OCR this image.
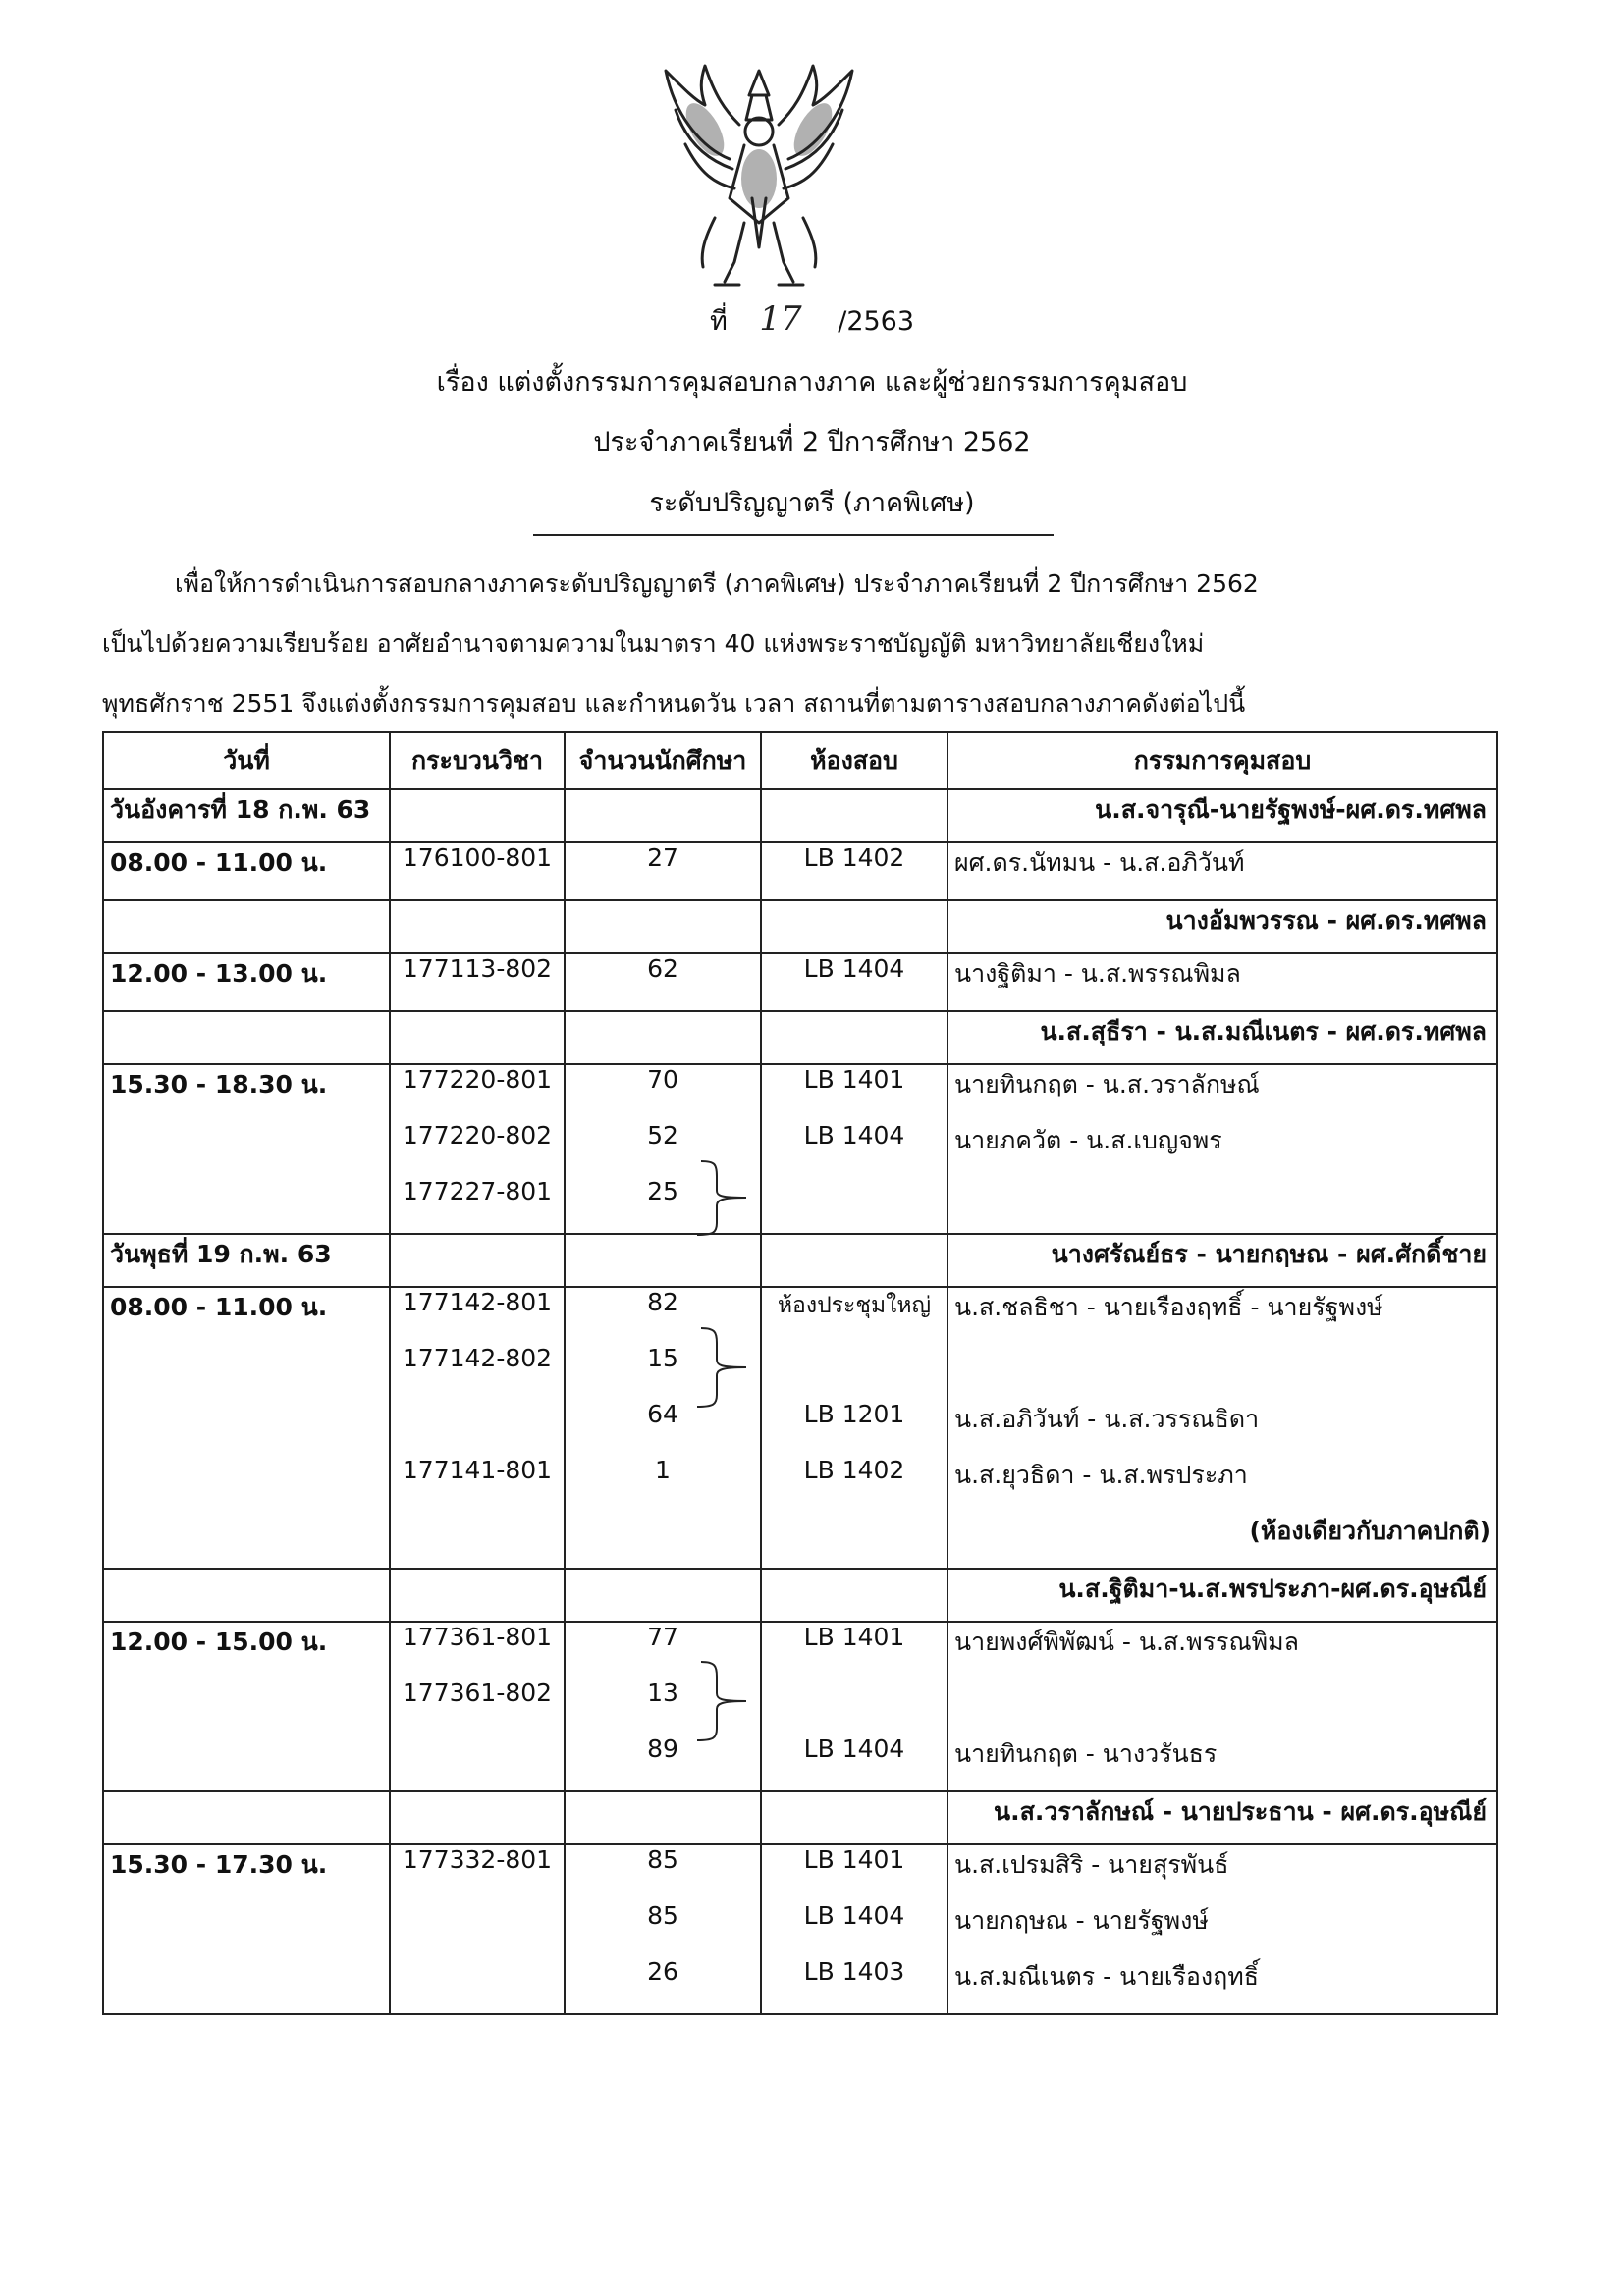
ที่ 17 /2563
เรื่อง แต่งตั้งกรรมการคุมสอบกลางภาค และผู้ช่วยกรรมการคุมสอบ
ประจำภาคเรียนที่ 2 ปีการศึกษา 2562
ระดับปริญญาตรี (ภาคพิเศษ)
เพื่อให้การดำเนินการสอบกลางภาคระดับปริญญาตรี (ภาคพิเศษ) ประจำภาคเรียนที่ 2 ปีการศึกษา 2562
เป็นไปด้วยความเรียบร้อย อาศัยอำนาจตามความในมาตรา 40 แห่งพระราชบัญญัติ มหาวิทยาลัยเชียงใหม่
พุทธศักราช 2551 จึงแต่งตั้งกรรมการคุมสอบ และกำหนดวัน เวลา สถานที่ตามตารางสอบกลางภาคดังต่อไปนี้
วันที่	กระบวนวิชา	จำนวนนักศึกษา	ห้องสอบ	กรรมการคุมสอบ
วันอังคารที่ 18 ก.พ. 63				น.ส.จารุณี-นายรัฐพงษ์-ผศ.ดร.ทศพล
08.00 - 11.00 น.	176100-801	27	LB 1402	ผศ.ดร.นัทมน - น.ส.อภิวันท์
				นางอัมพวรรณ - ผศ.ดร.ทศพล
12.00 - 13.00 น.	177113-802	62	LB 1404	นางฐิติมา - น.ส.พรรณพิมล
				น.ส.สุธีรา - น.ส.มณีเนตร - ผศ.ดร.ทศพล
15.30 - 18.30 น.	177220-801	70	LB 1401	นายทินกฤต - น.ส.วราลักษณ์
	177220-802	52	LB 1404	นายภควัต - น.ส.เบญจพร
	177227-801	25		
วันพุธที่ 19 ก.พ. 63				นางศรัณย์ธร - นายกฤษณ - ผศ.ศักดิ์ชาย
08.00 - 11.00 น.	177142-801	82	ห้องประชุมใหญ่	น.ส.ชลธิชา - นายเรืองฤทธิ์ - นายรัฐพงษ์
	177142-802	15		
		64	LB 1201	น.ส.อภิวันท์ - น.ส.วรรณธิดา
	177141-801	1	LB 1402	น.ส.ยุวธิดา - น.ส.พรประภา
				(ห้องเดียวกับภาคปกติ)
				น.ส.ฐิติมา-น.ส.พรประภา-ผศ.ดร.อุษณีย์
12.00 - 15.00 น.	177361-801	77	LB 1401	นายพงศ์พิพัฒน์ - น.ส.พรรณพิมล
	177361-802	13		
		89	LB 1404	นายทินกฤต - นางวรันธร
				น.ส.วราลักษณ์ - นายประธาน - ผศ.ดร.อุษณีย์
15.30 - 17.30 น.	177332-801	85	LB 1401	น.ส.เปรมสิริ - นายสุรพันธ์
		85	LB 1404	นายกฤษณ - นายรัฐพงษ์
		26	LB 1403	น.ส.มณีเนตร - นายเรืองฤทธิ์
